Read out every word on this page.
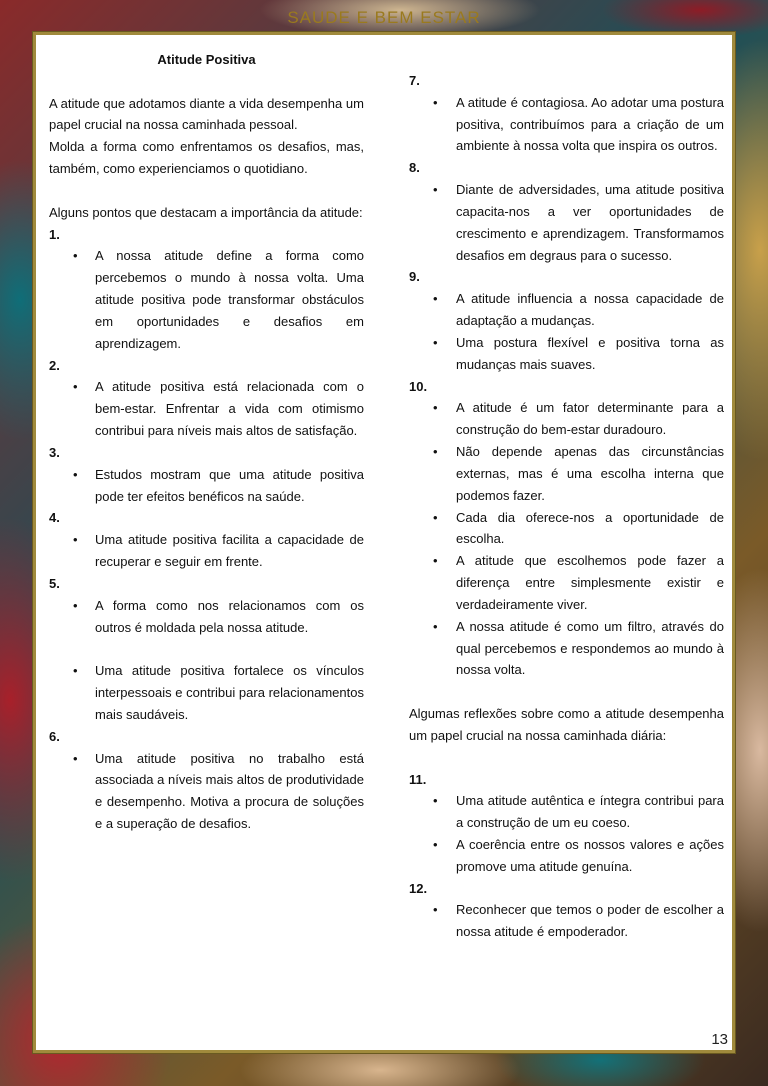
SAUDE E BEM ESTAR
Atitude Positiva
A atitude que adotamos diante a vida desempenha um papel crucial na nossa caminhada pessoal.
Molda a forma como enfrentamos os desafios, mas, também, como experienciamos o quotidiano.
Alguns pontos que destacam a importância da atitude:
1.
• A nossa atitude define a forma como percebemos o mundo à nossa volta. Uma atitude positiva pode transformar obstáculos em oportunidades e desafios em aprendizagem.
2.
• A atitude positiva está relacionada com o bem-estar. Enfrentar a vida com otimismo contribui para níveis mais altos de satisfação.
3.
• Estudos mostram que uma atitude positiva pode ter efeitos benéficos na saúde.
4.
• Uma atitude positiva facilita a capacidade de recuperar e seguir em frente.
5.
• A forma como nos relacionamos com os outros é moldada pela nossa atitude.
• Uma atitude positiva fortalece os vínculos interpessoais e contribui para relacionamentos mais saudáveis.
6.
• Uma atitude positiva no trabalho está associada a níveis mais altos de produtividade e desempenho. Motiva a procura de soluções e a superação de desafios.
7.
• A atitude é contagiosa. Ao adotar uma postura positiva, contribuímos para a criação de um ambiente à nossa volta que inspira os outros.
8.
• Diante de adversidades, uma atitude positiva capacita-nos a ver oportunidades de crescimento e aprendizagem. Transformamos desafios em degraus para o sucesso.
9.
• A atitude influencia a nossa capacidade de adaptação a mudanças.
• Uma postura flexível e positiva torna as mudanças mais suaves.
10.
• A atitude é um fator determinante para a construção do bem-estar duradouro.
• Não depende apenas das circunstâncias externas, mas é uma escolha interna que podemos fazer.
• Cada dia oferece-nos a oportunidade de escolha.
• A atitude que escolhemos pode fazer a diferença entre simplesmente existir e verdadeiramente viver.
• A nossa atitude é como um filtro, através do qual percebemos e respondemos ao mundo à nossa volta.
Algumas reflexões sobre como a atitude desempenha um papel crucial na nossa caminhada diária:
11.
• Uma atitude autêntica e íntegra contribui para a construção de um eu coeso.
• A coerência entre os nossos valores e ações promove uma atitude genuína.
12.
• Reconhecer que temos o poder de escolher a nossa atitude é empoderador.
13
